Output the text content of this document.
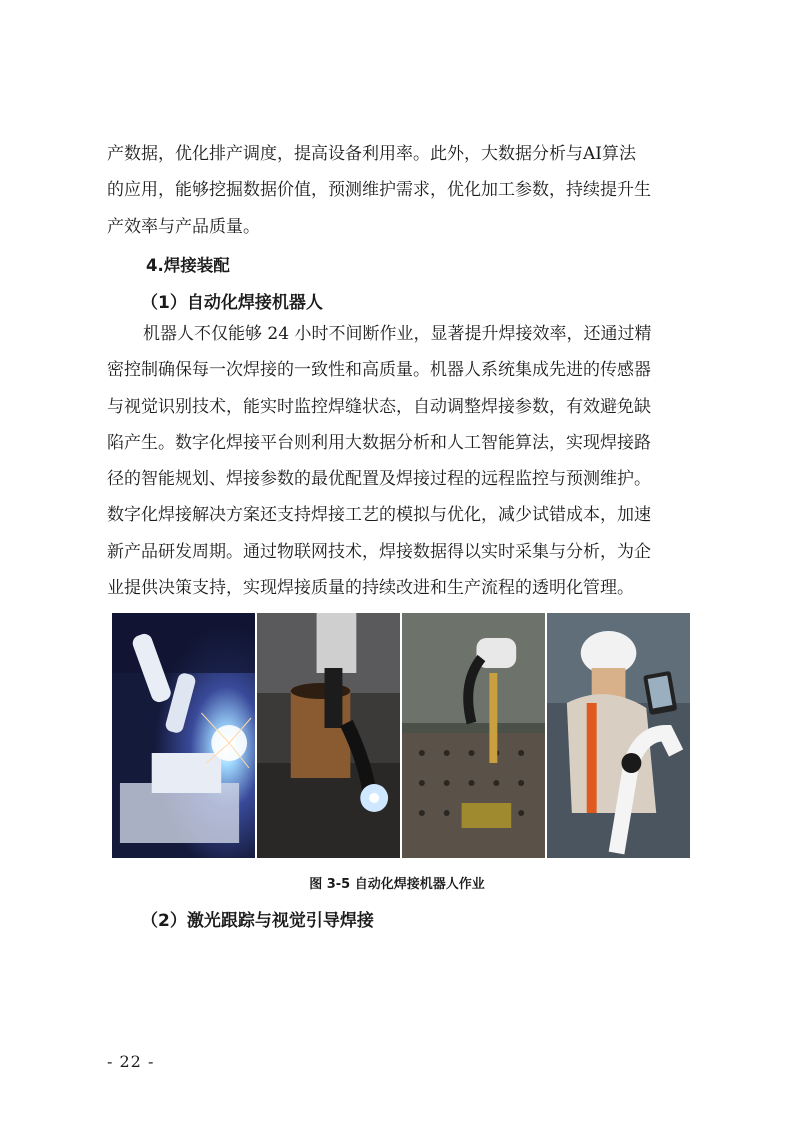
产数据，优化排产调度，提高设备利用率。此外，大数据分析与AI算法
的应用，能够挖掘数据价值，预测维护需求，优化加工参数，持续提升生
产效率与产品质量。
4.焊接装配
（1）自动化焊接机器人
机器人不仅能够 24 小时不间断作业，显著提升焊接效率，还通过精
密控制确保每一次焊接的一致性和高质量。机器人系统集成先进的传感器
与视觉识别技术，能实时监控焊缝状态，自动调整焊接参数，有效避免缺
陷产生。数字化焊接平台则利用大数据分析和人工智能算法，实现焊接路
径的智能规划、焊接参数的最优配置及焊接过程的远程监控与预测维护。
数字化焊接解决方案还支持焊接工艺的模拟与优化，减少试错成本，加速
新产品研发周期。通过物联网技术，焊接数据得以实时采集与分析，为企
业提供决策支持，实现焊接质量的持续改进和生产流程的透明化管理。
图 3-5 自动化焊接机器人作业
（2）激光跟踪与视觉引导焊接
- 22 -
